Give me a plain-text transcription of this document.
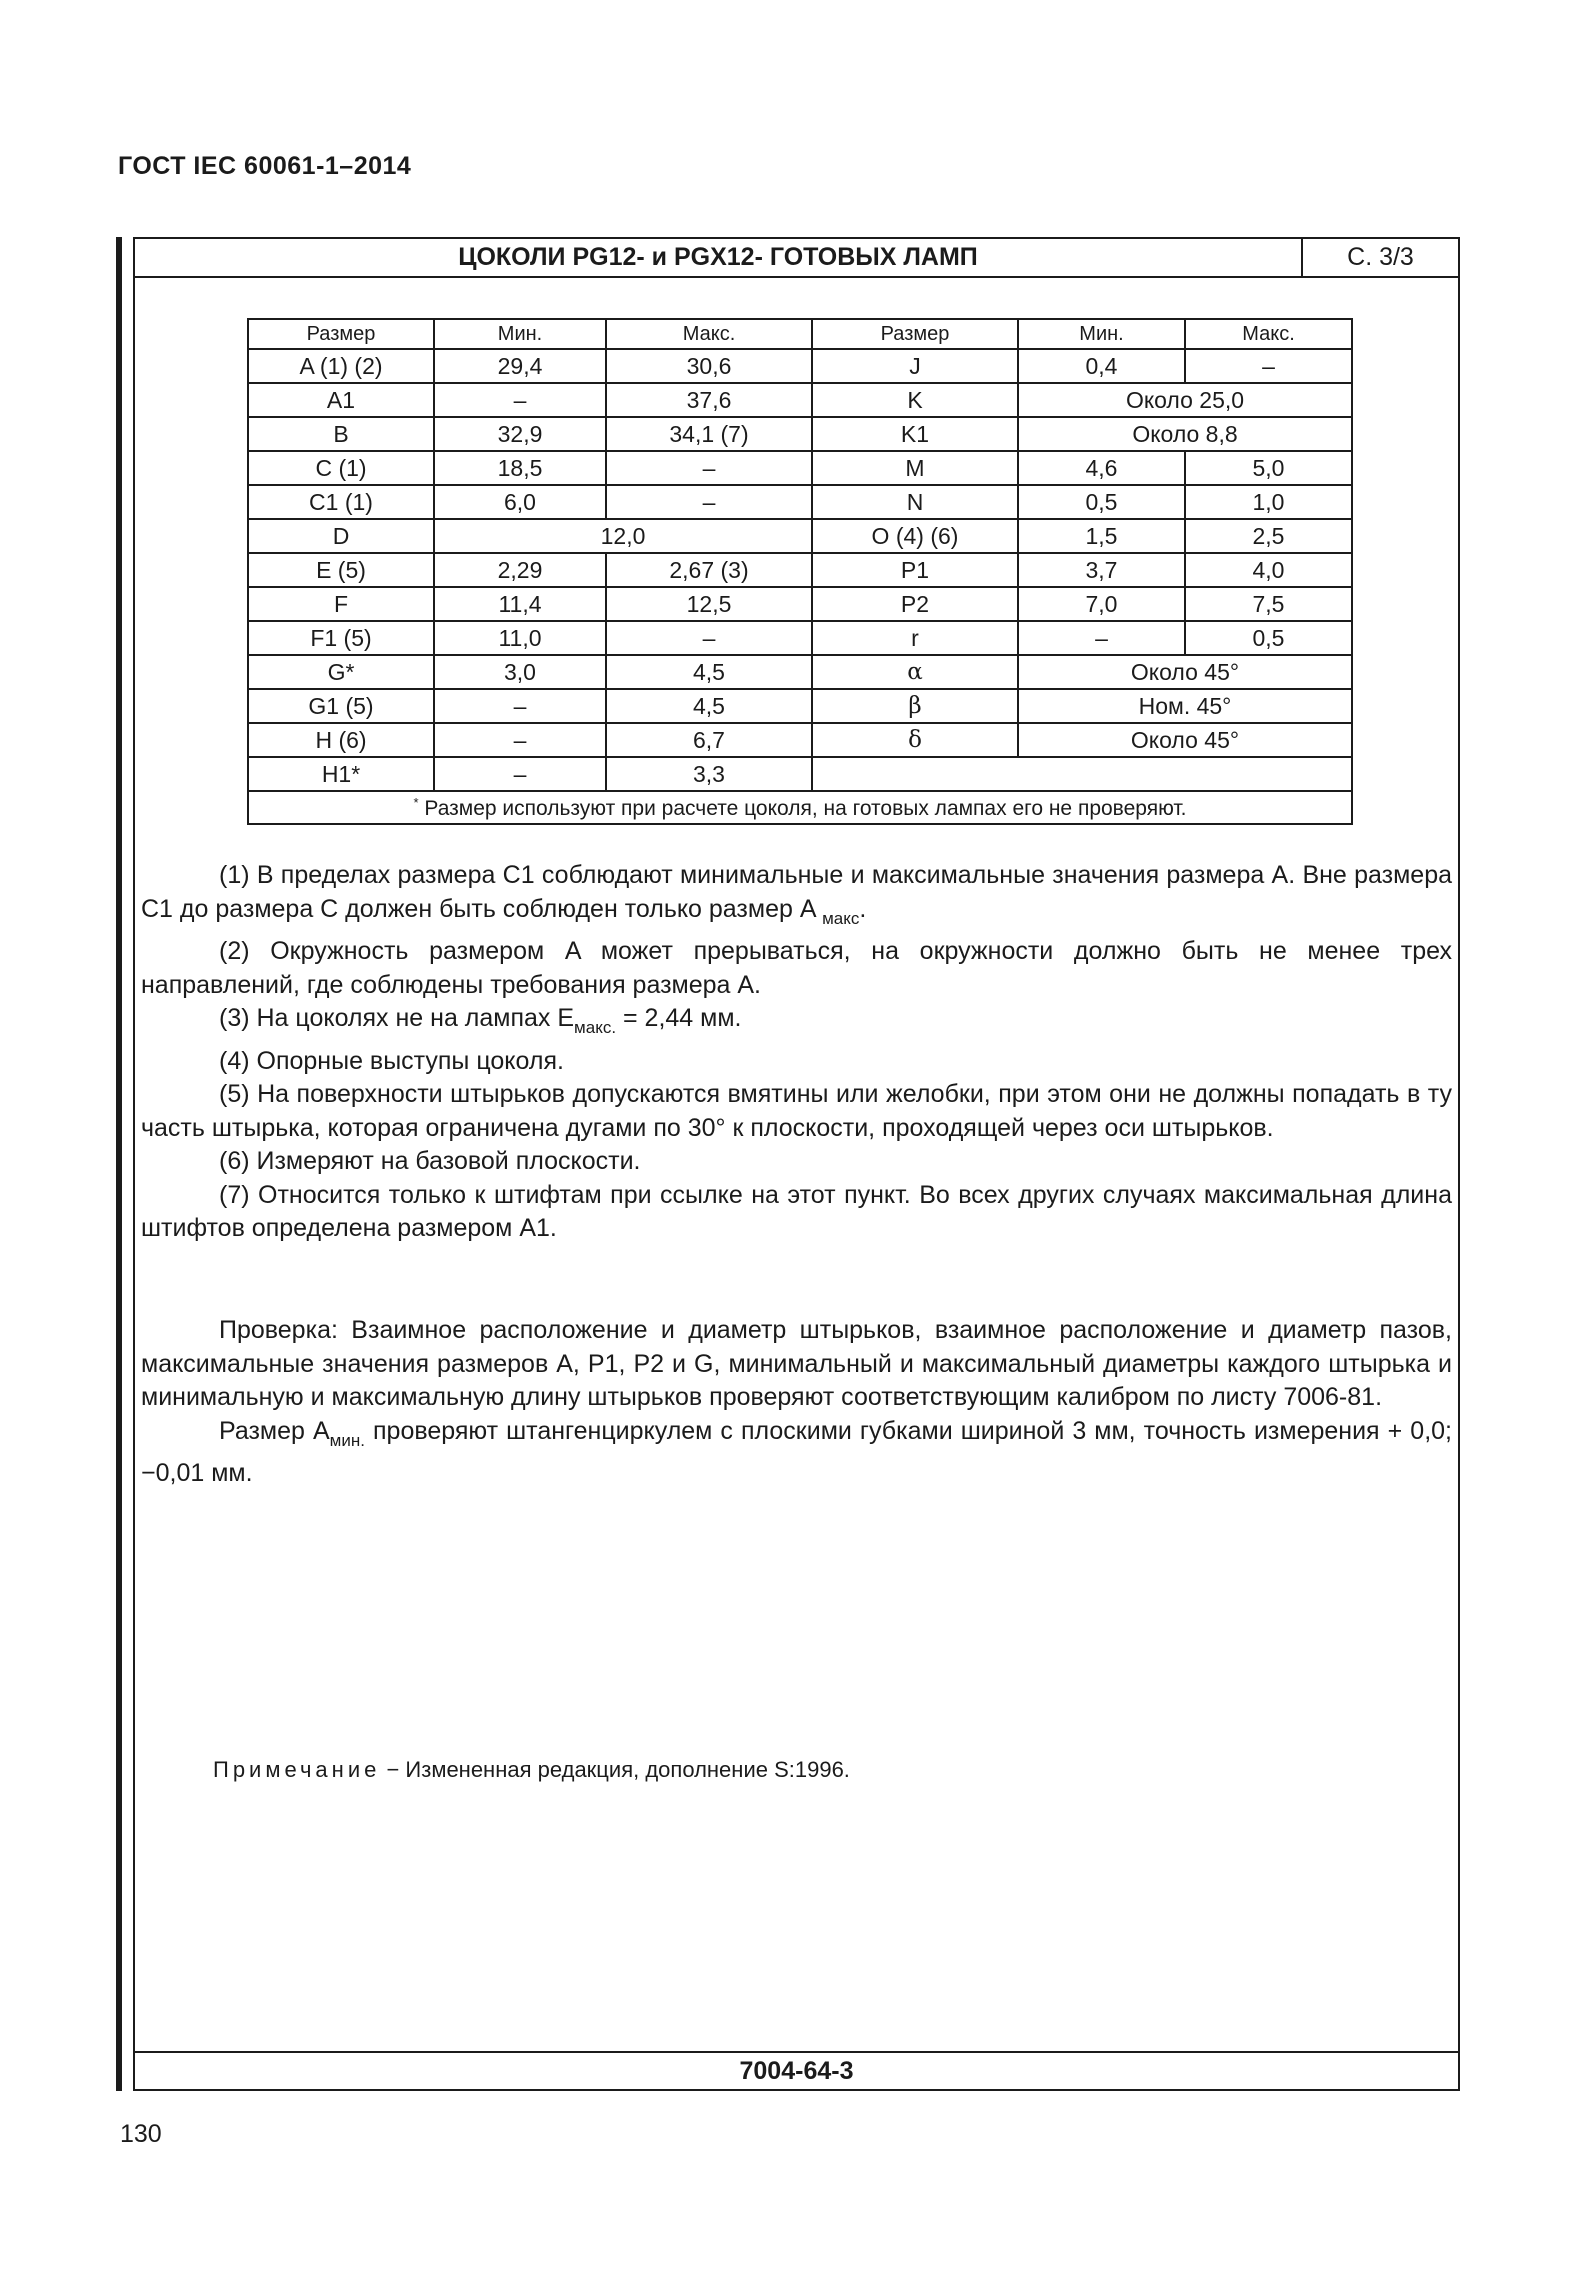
ГОСТ IEC 60061-1–2014
ЦОКОЛИ PG12- и PGX12- ГОТОВЫХ ЛАМП	С. 3/3
Размер	Мин.	Макс.	Размер	Мин.	Макс.
A (1) (2)	29,4	30,6	J	0,4	–
A1	–	37,6	K	Около 25,0	
B	32,9	34,1 (7)	K1	Около 8,8	
C (1)	18,5	–	M	4,6	5,0
C1 (1)	6,0	–	N	0,5	1,0
D	12,0		O (4) (6)	1,5	2,5
E (5)	2,29	2,67 (3)	P1	3,7	4,0
F	11,4	12,5	P2	7,0	7,5
F1 (5)	11,0	–	r	–	0,5
G*	3,0	4,5	α	Около 45°	
G1 (5)	–	4,5	β	Ном. 45°	
H (6)	–	6,7	δ	Около 45°	
H1*	–	3,3			
* Размер используют при расчете цоколя, на готовых лампах его не проверяют.					

(1) В пределах размера C1 соблюдают минимальные и максимальные значения размера A. Вне размера C1 до размера C должен быть соблюден только размер A $_{макс}$.

(2) Окружность размером A может прерываться, на окружности должно быть не менее трех направлений, где соблюдены требования размера A.

(3) На цоколях не на лампах $E_{макс.} = 2,44$ мм.

(4) Опорные выступы цоколя.

(5) На поверхности штырьков допускаются вмятины или желобки, при этом они не должны попадать в ту часть штырька, которая ограничена дугами по 30° к плоскости, проходящей через оси штырьков.

(6) Измеряют на базовой плоскости.

(7) Относится только к штифтам при ссылке на этот пункт. Во всех других случаях максимальная длина штифтов определена размером A1.

Проверка: Взаимное расположение и диаметр штырьков, взаимное расположение и диаметр пазов, максимальные значения размеров A, P1, P2 и G, минимальный и максимальный диаметры каждого штырька и минимальную и максимальную длину штырьков проверяют соответствующим калибром по листу 7006-81.

Размер $A_{мин.}$ проверяют штангенциркулем с плоскими губками шириной 3 мм, точность измерения + 0,0; −0,01 мм.

Примечание − Измененная редакция, дополнение S:1996.
7004-64-3
130
